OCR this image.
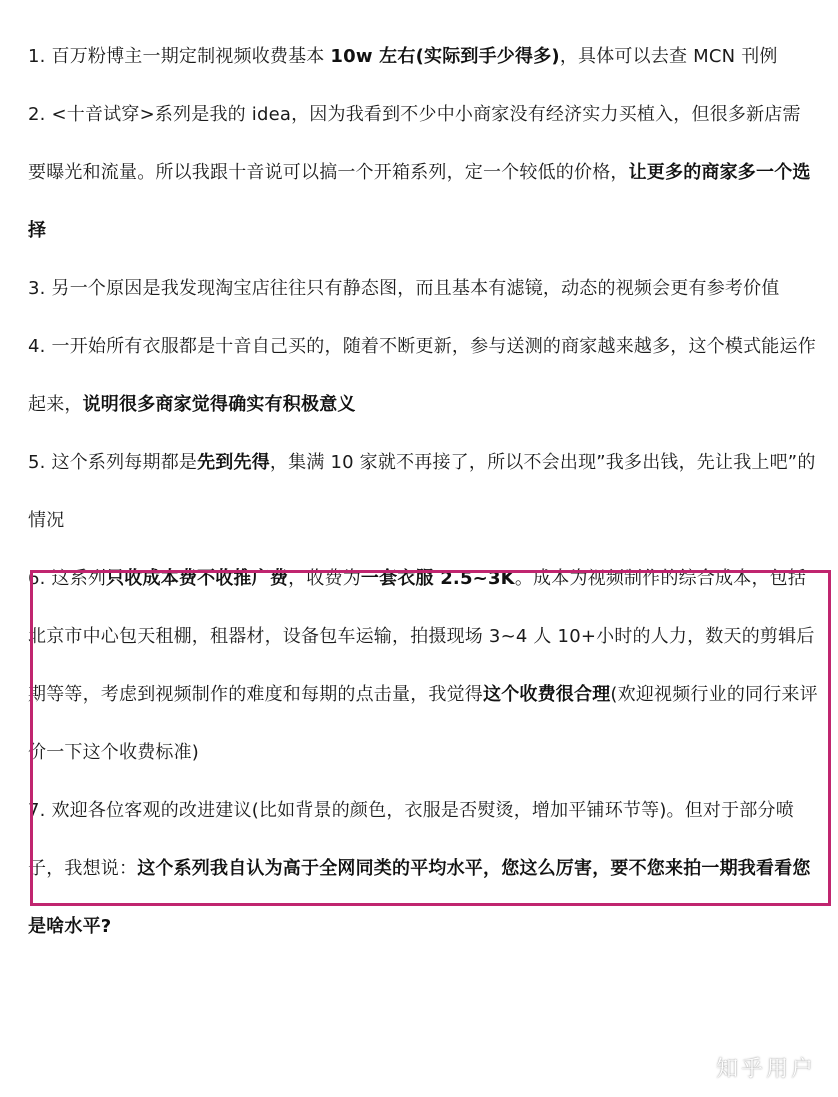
1. 百万粉博主一期定制视频收费基本 10w 左右(实际到手少得多)，具体可以去查 MCN 刊例

2. <十音试穿>系列是我的 idea，因为我看到不少中小商家没有经济实力买植入，但很多新店需要曝光和流量。所以我跟十音说可以搞一个开箱系列，定一个较低的价格，让更多的商家多一个选择

3. 另一个原因是我发现淘宝店往往只有静态图，而且基本有滤镜，动态的视频会更有参考价值

4. 一开始所有衣服都是十音自己买的，随着不断更新，参与送测的商家越来越多，这个模式能运作起来，说明很多商家觉得确实有积极意义

5. 这个系列每期都是先到先得，集满 10 家就不再接了，所以不会出现”我多出钱，先让我上吧”的情况

6. 这系列只收成本费不收推广费，收费为一套衣服 2.5~3K。成本为视频制作的综合成本，包括北京市中心包天租棚，租器材，设备包车运输，拍摄现场 3~4 人 10+小时的人力，数天的剪辑后期等等，考虑到视频制作的难度和每期的点击量，我觉得这个收费很合理(欢迎视频行业的同行来评价一下这个收费标准)

7. 欢迎各位客观的改进建议(比如背景的颜色，衣服是否熨烫，增加平铺环节等)。但对于部分喷子，我想说：这个系列我自认为高于全网同类的平均水平，您这么厉害，要不您来拍一期我看看您是啥水平?

知乎用户
